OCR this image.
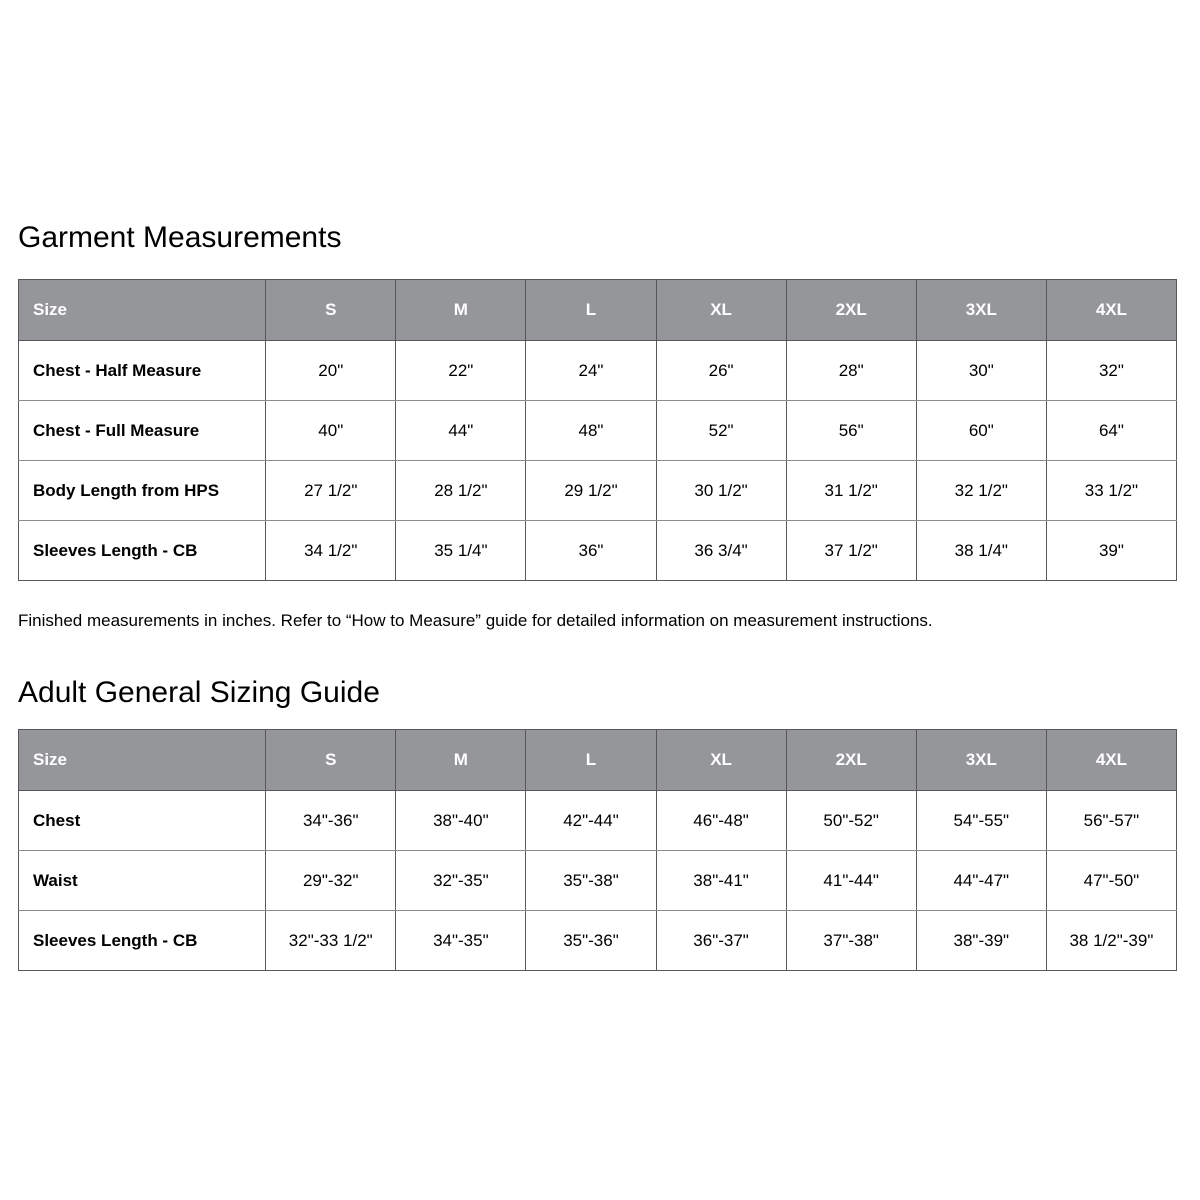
Garment Measurements
Size	S	M	L	XL	2XL	3XL	4XL
Chest - Half Measure	20"	22"	24"	26"	28"	30"	32"
Chest - Full Measure	40"	44"	48"	52"	56"	60"	64"
Body Length from HPS	27 1/2"	28 1/2"	29 1/2"	30 1/2"	31 1/2"	32 1/2"	33 1/2"
Sleeves Length - CB	34 1/2"	35 1/4"	36"	36 3/4"	37 1/2"	38 1/4"	39"

Finished measurements in inches. Refer to “How to Measure” guide for detailed information on measurement instructions.

Adult General Sizing Guide
Size	S	M	L	XL	2XL	3XL	4XL
Chest	34"-36"	38"-40"	42"-44"	46"-48"	50"-52"	54"-55"	56"-57"
Waist	29"-32"	32"-35"	35"-38"	38"-41"	41"-44"	44"-47"	47"-50"
Sleeves Length - CB	32"-33 1/2"	34"-35"	35"-36"	36"-37"	37"-38"	38"-39"	38 1/2"-39"
